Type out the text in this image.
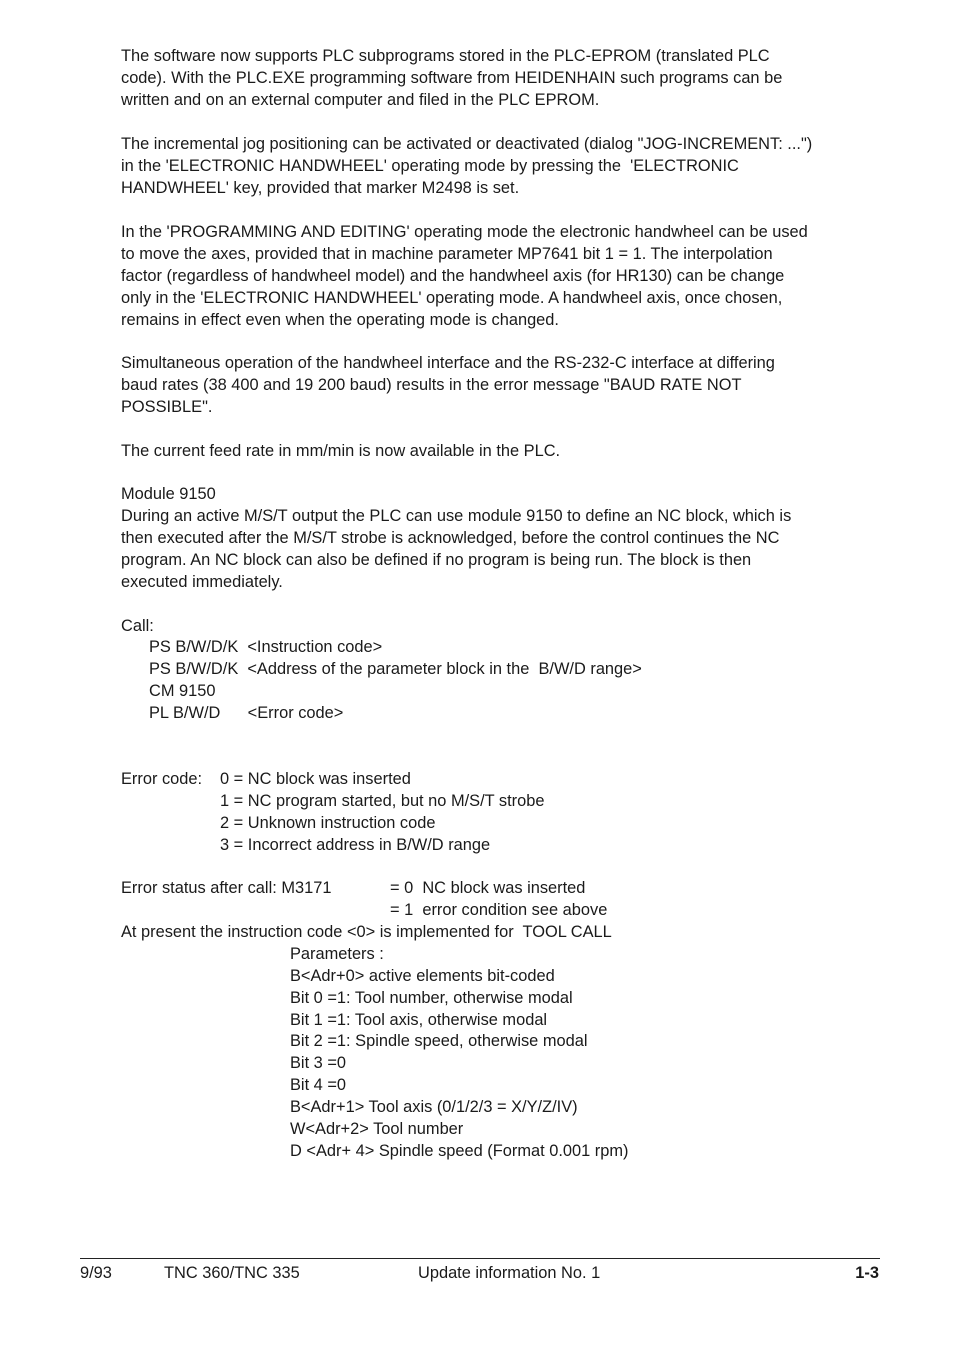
The software now supports PLC subprograms stored in the PLC-EPROM (translated PLC
code). With the PLC.EXE programming software from HEIDENHAIN such programs can be
written and on an external computer and filed in the PLC EPROM.
The incremental jog positioning can be activated or deactivated (dialog "JOG-INCREMENT: ...")
in the 'ELECTRONIC HANDWHEEL' operating mode by pressing the  'ELECTRONIC
HANDWHEEL' key, provided that marker M2498 is set.
In the 'PROGRAMMING AND EDITING' operating mode the electronic handwheel can be used
to move the axes, provided that in machine parameter MP7641 bit 1 = 1. The interpolation
factor (regardless of handwheel model) and the handwheel axis (for HR130) can be change
only in the 'ELECTRONIC HANDWHEEL' operating mode. A handwheel axis, once chosen,
remains in effect even when the operating mode is changed.
Simultaneous operation of the handwheel interface and the RS-232-C interface at differing
baud rates (38 400 and 19 200 baud) results in the error message "BAUD RATE NOT
POSSIBLE".
The current feed rate in mm/min is now available in the PLC.
Module 9150
During an active M/S/T output the PLC can use module 9150 to define an NC block, which is
then executed after the M/S/T strobe is acknowledged, before the control continues the NC
program. An NC block can also be defined if no program is being run. The block is then
executed immediately.
Call:
PS B/W/D/K  <Instruction code>
PS B/W/D/K  <Address of the parameter block in the  B/W/D range>
CM 9150
PL B/W/D      <Error code>
Error code: 0 = NC block was inserted
1 = NC program started, but no M/S/T strobe
2 = Unknown instruction code
3 = Incorrect address in B/W/D range
Error status after call: M3171	= 0  NC block was inserted
= 1  error condition see above
At present the instruction code <0> is implemented for  TOOL CALL
Parameters :
B<Adr+0> active elements bit-coded
Bit 0 =1: Tool number, otherwise modal
Bit 1 =1: Tool axis, otherwise modal
Bit 2 =1: Spindle speed, otherwise modal
Bit 3 =0
Bit 4 =0
B<Adr+1> Tool axis (0/1/2/3 = X/Y/Z/IV)
W<Adr+2> Tool number
D <Adr+ 4> Spindle speed (Format 0.001 rpm)
9/93	TNC 360/TNC 335	Update information No. 1	1-3
